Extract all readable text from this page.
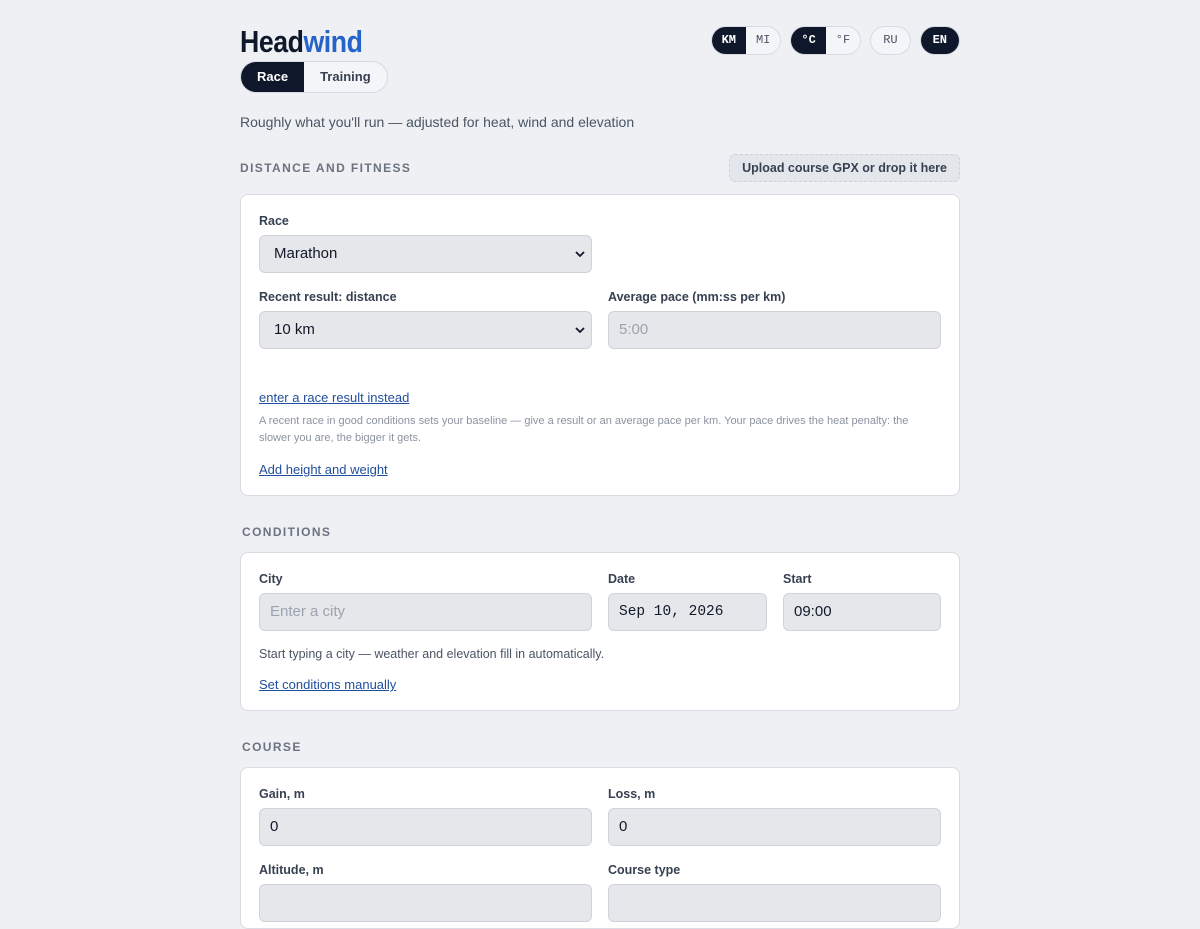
Headwind	KM	MI	°C	°F	RU	EN
Race	Training
Roughly what you'll run — adjusted for heat, wind and elevation
DISTANCE AND FITNESS	Upload course GPX or drop it here
Race
Marathon
Recent result: distance
10 km
Average pace (mm:ss per km)
5:00
enter a race result instead
A recent race in good conditions sets your baseline — give a result or an average pace per km. Your pace drives the heat penalty: the slower you are, the bigger it gets.
Add height and weight
CONDITIONS
City
Enter a city
Date
Sep 10, 2026
Start
09:00
Start typing a city — weather and elevation fill in automatically.
Set conditions manually
COURSE
Gain, m
0
Loss, m
0
Altitude, m	Course type
